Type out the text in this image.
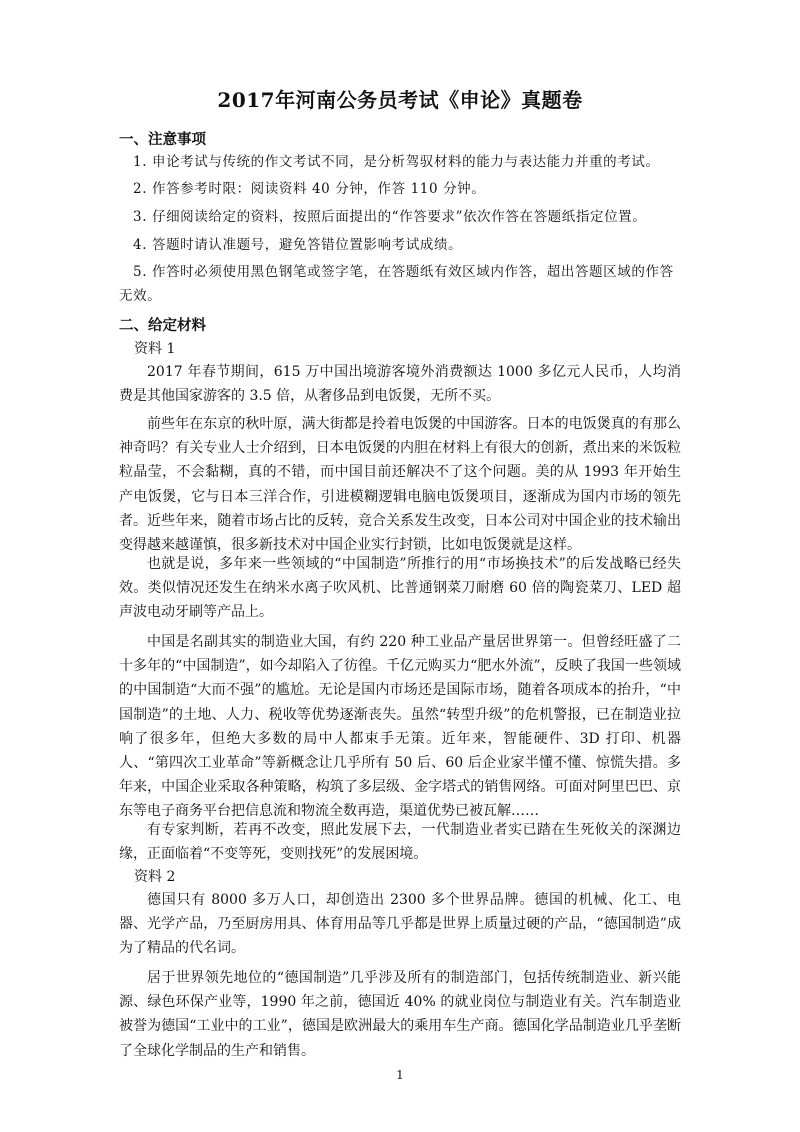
2017年河南公务员考试《申论》真题卷
一、注意事项
1. 申论考试与传统的作文考试不同，是分析驾驭材料的能力与表达能力并重的考试。
2. 作答参考时限：阅读资料 40 分钟，作答 110 分钟。
3. 仔细阅读给定的资料，按照后面提出的“作答要求”依次作答在答题纸指定位置。
4. 答题时请认准题号，避免答错位置影响考试成绩。
5. 作答时必须使用黑色钢笔或签字笔，在答题纸有效区域内作答，超出答题区域的作答无效。
二、给定材料
资料 1
2017 年春节期间，615 万中国出境游客境外消费额达 1000 多亿元人民币，人均消费是其他国家游客的 3.5 倍，从奢侈品到电饭煲，无所不买。
前些年在东京的秋叶原，满大街都是拎着电饭煲的中国游客。日本的电饭煲真的有那么神奇吗？有关专业人士介绍到，日本电饭煲的内胆在材料上有很大的创新，煮出来的米饭粒粒晶莹，不会黏糊，真的不错，而中国目前还解决不了这个问题。美的从 1993 年开始生产电饭煲，它与日本三洋合作，引进模糊逻辑电脑电饭煲项目，逐渐成为国内市场的领先者。近些年来，随着市场占比的反转，竞合关系发生改变，日本公司对中国企业的技术输出变得越来越谨慎，很多新技术对中国企业实行封锁，比如电饭煲就是这样。
也就是说，多年来一些领域的“中国制造”所推行的用“市场换技术”的后发战略已经失效。类似情况还发生在纳米水离子吹风机、比普通钢菜刀耐磨 60 倍的陶瓷菜刀、LED 超声波电动牙刷等产品上。
中国是名副其实的制造业大国，有约 220 种工业品产量居世界第一。但曾经旺盛了二十多年的“中国制造”，如今却陷入了彷徨。千亿元购买力“肥水外流”，反映了我国一些领域的中国制造“大而不强”的尴尬。无论是国内市场还是国际市场，随着各项成本的抬升，“中国制造”的土地、人力、税收等优势逐渐丧失。虽然“转型升级”的危机警报，已在制造业拉响了很多年，但绝大多数的局中人都束手无策。近年来，智能硬件、3D 打印、机器人、“第四次工业革命”等新概念让几乎所有 50 后、60 后企业家半懂不懂、惊慌失措。多年来，中国企业采取各种策略，构筑了多层级、金字塔式的销售网络。可面对阿里巴巴、京东等电子商务平台把信息流和物流全数再造，渠道优势已被瓦解……
有专家判断，若再不改变，照此发展下去，一代制造业者实已踏在生死攸关的深渊边缘，正面临着“不变等死，变则找死”的发展困境。
资料 2
德国只有 8000 多万人口，却创造出 2300 多个世界品牌。德国的机械、化工、电器、光学产品，乃至厨房用具、体育用品等几乎都是世界上质量过硬的产品，“德国制造”成为了精品的代名词。
居于世界领先地位的“德国制造”几乎涉及所有的制造部门，包括传统制造业、新兴能源、绿色环保产业等，1990 年之前，德国近 40% 的就业岗位与制造业有关。汽车制造业被誉为德国“工业中的工业”，德国是欧洲最大的乘用车生产商。德国化学品制造业几乎垄断了全球化学制品的生产和销售。
1
